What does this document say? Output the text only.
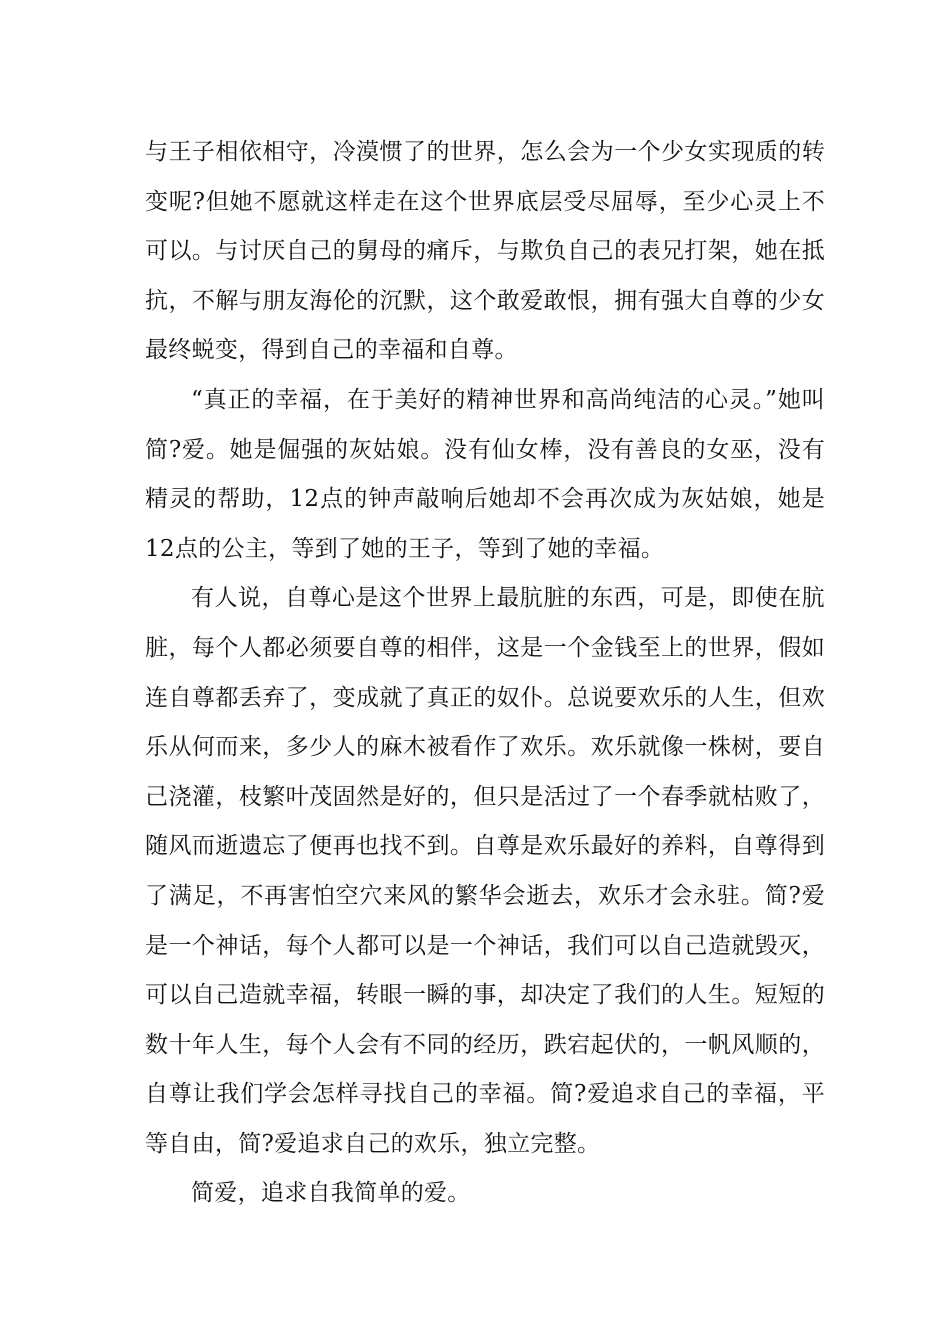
与王子相依相守，冷漠惯了的世界，怎么会为一个少女实现质的转变呢?但她不愿就这样走在这个世界底层受尽屈辱，至少心灵上不可以。与讨厌自己的舅母的痛斥，与欺负自己的表兄打架，她在抵抗，不解与朋友海伦的沉默，这个敢爱敢恨，拥有强大自尊的少女最终蜕变，得到自己的幸福和自尊。

“真正的幸福，在于美好的精神世界和高尚纯洁的心灵。”她叫简?爱。她是倔强的灰姑娘。没有仙女棒，没有善良的女巫，没有精灵的帮助，12点的钟声敲响后她却不会再次成为灰姑娘，她是12点的公主，等到了她的王子，等到了她的幸福。

有人说，自尊心是这个世界上最肮脏的东西，可是，即使在肮脏，每个人都必须要自尊的相伴，这是一个金钱至上的世界，假如连自尊都丢弃了，变成就了真正的奴仆。总说要欢乐的人生，但欢乐从何而来，多少人的麻木被看作了欢乐。欢乐就像一株树，要自己浇灌，枝繁叶茂固然是好的，但只是活过了一个春季就枯败了，随风而逝遗忘了便再也找不到。自尊是欢乐最好的养料，自尊得到了满足，不再害怕空穴来风的繁华会逝去，欢乐才会永驻。简?爱是一个神话，每个人都可以是一个神话，我们可以自己造就毁灭，可以自己造就幸福，转眼一瞬的事，却决定了我们的人生。短短的数十年人生，每个人会有不同的经历，跌宕起伏的，一帆风顺的，自尊让我们学会怎样寻找自己的幸福。简?爱追求自己的幸福，平等自由，简?爱追求自己的欢乐，独立完整。

简爱，追求自我简单的爱。
